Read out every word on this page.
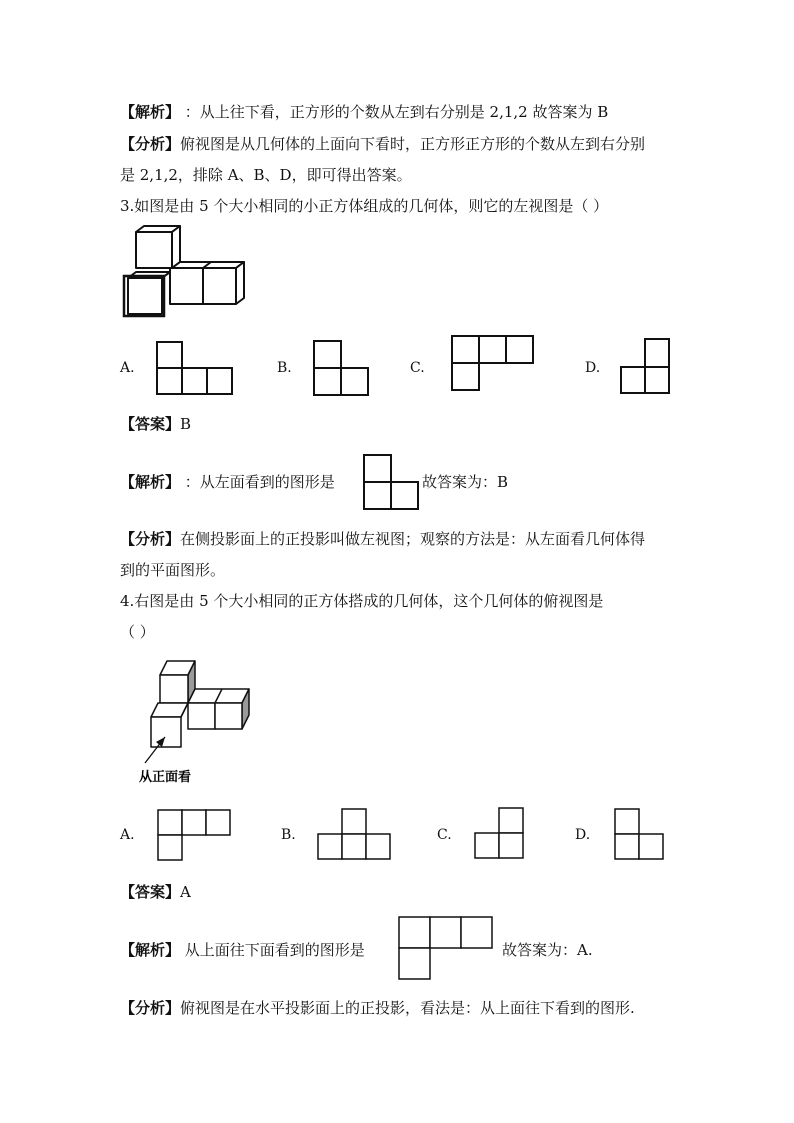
【解析】 ：从上往下看，正方形的个数从左到右分别是 2,1,2 故答案为 B
【分析】俯视图是从几何体的上面向下看时，正方形正方形的个数从左到右分别
是 2,1,2，排除 A、B、D，即可得出答案。
3.如图是由 5 个大小相同的小正方体组成的几何体，则它的左视图是（ ）
A.	B.	C.	D.
【答案】B
【解析】 ：从左面看到的图形是	故答案为：B
【分析】在侧投影面上的正投影叫做左视图；观察的方法是：从左面看几何体得
到的平面图形。
4.右图是由 5 个大小相同的正方体搭成的几何体，这个几何体的俯视图是
（ ）
从正面看
A.	B.	C.	D.
【答案】A
【解析】 从上面往下面看到的图形是	故答案为：A.
【分析】俯视图是在水平投影面上的正投影，看法是：从上面往下看到的图形.
